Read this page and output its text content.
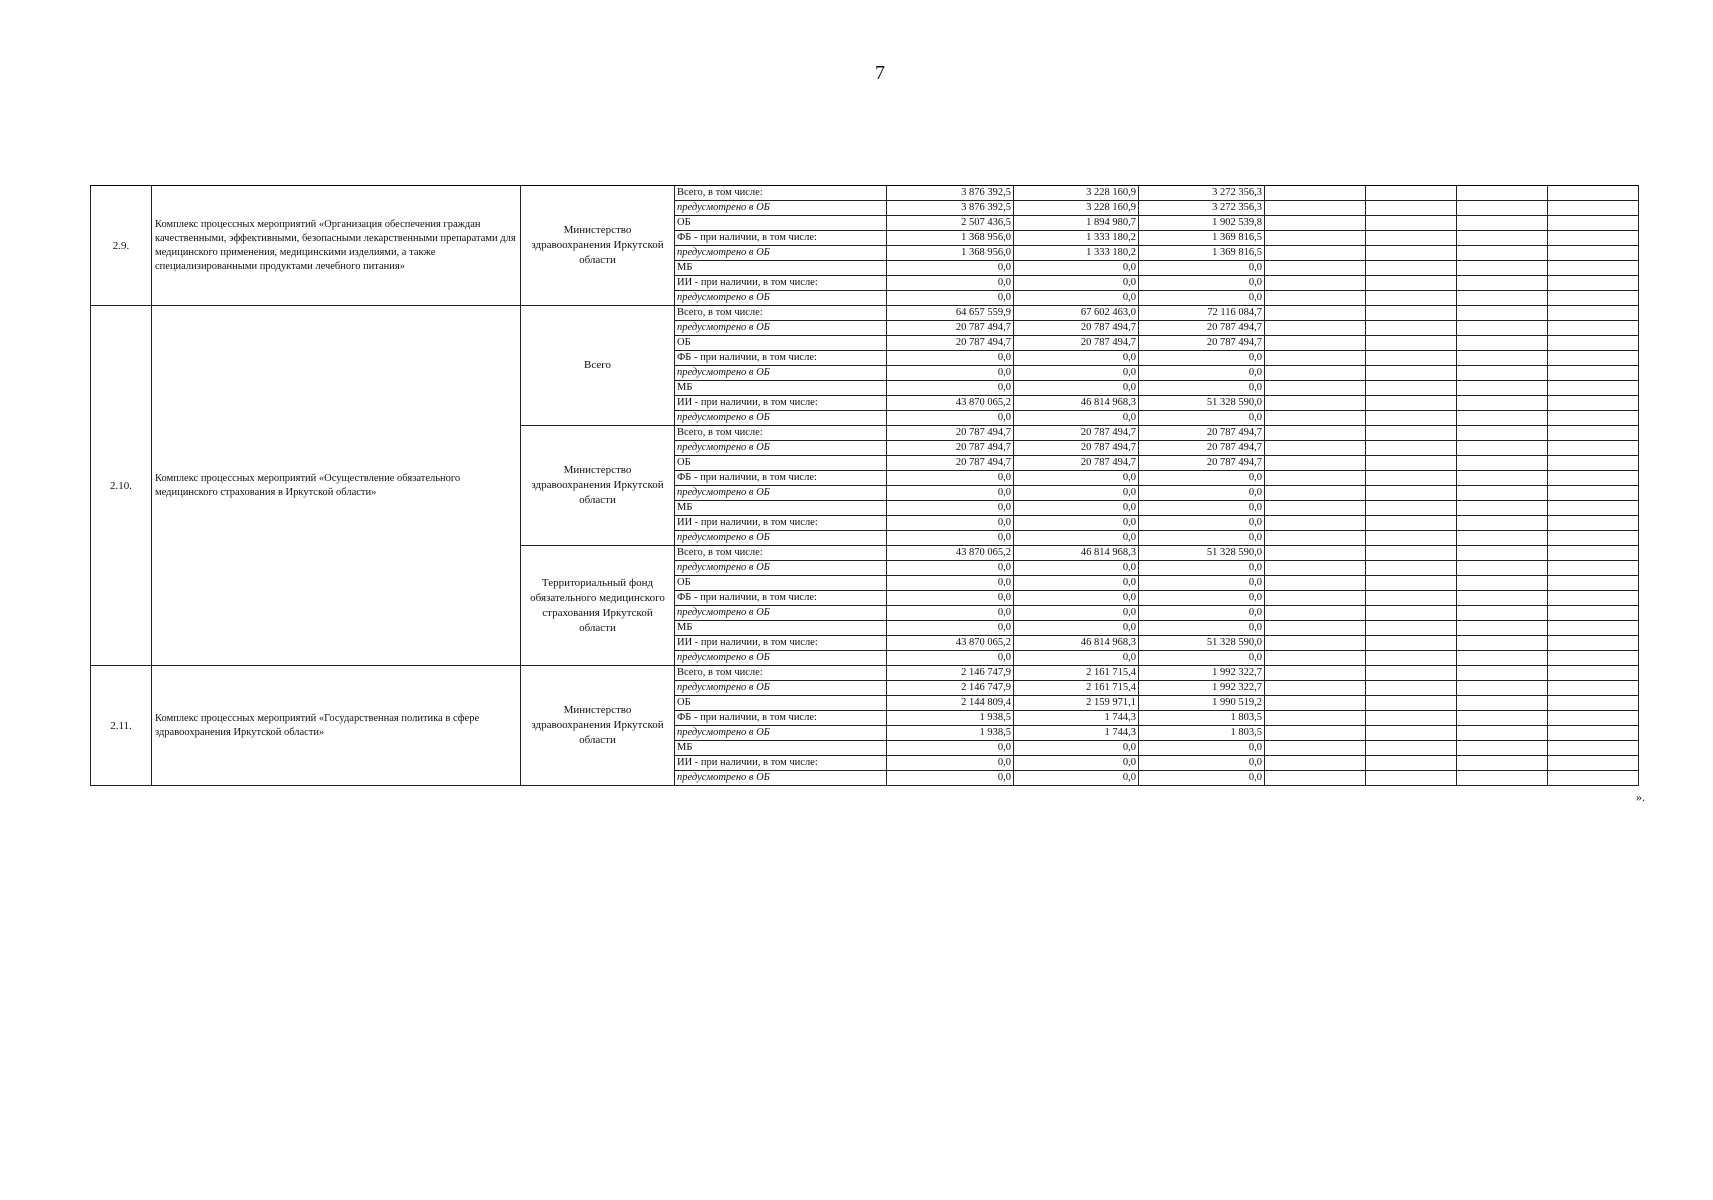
7
2.9.	Комплекс процессных мероприятий «Организация обеспечения граждан качественными, эффективными, безопасными лекарственными препаратами для медицинского применения, медицинскими изделиями, а также специализированными продуктами лечебного питания»	Министерство здравоохранения Иркутской области	Всего, в том числе:	3 876 392,5	3 228 160,9	3 272 356,3				
			предусмотрено в ОБ	3 876 392,5	3 228 160,9	3 272 356,3				
			ОБ	2 507 436,5	1 894 980,7	1 902 539,8				
			ФБ - при наличии, в том числе:	1 368 956,0	1 333 180,2	1 369 816,5				
			предусмотрено в ОБ	1 368 956,0	1 333 180,2	1 369 816,5				
			МБ	0,0	0,0	0,0				
			ИИ - при наличии, в том числе:	0,0	0,0	0,0				
			предусмотрено в ОБ	0,0	0,0	0,0				
2.10.	Комплекс процессных мероприятий «Осуществление обязательного медицинского страхования в Иркутской области»	Всего	Всего, в том числе:	64 657 559,9	67 602 463,0	72 116 084,7				
			предусмотрено в ОБ	20 787 494,7	20 787 494,7	20 787 494,7				
			ОБ	20 787 494,7	20 787 494,7	20 787 494,7				
			ФБ - при наличии, в том числе:	0,0	0,0	0,0				
			предусмотрено в ОБ	0,0	0,0	0,0				
			МБ	0,0	0,0	0,0				
			ИИ - при наличии, в том числе:	43 870 065,2	46 814 968,3	51 328 590,0				
			предусмотрено в ОБ	0,0	0,0	0,0				
		Министерство здравоохранения Иркутской области	Всего, в том числе:	20 787 494,7	20 787 494,7	20 787 494,7				
			предусмотрено в ОБ	20 787 494,7	20 787 494,7	20 787 494,7				
			ОБ	20 787 494,7	20 787 494,7	20 787 494,7				
			ФБ - при наличии, в том числе:	0,0	0,0	0,0				
			предусмотрено в ОБ	0,0	0,0	0,0				
			МБ	0,0	0,0	0,0				
			ИИ - при наличии, в том числе:	0,0	0,0	0,0				
			предусмотрено в ОБ	0,0	0,0	0,0				
		Территориальный фонд обязательного медицинского страхования Иркутской области	Всего, в том числе:	43 870 065,2	46 814 968,3	51 328 590,0				
			предусмотрено в ОБ	0,0	0,0	0,0				
			ОБ	0,0	0,0	0,0				
			ФБ - при наличии, в том числе:	0,0	0,0	0,0				
			предусмотрено в ОБ	0,0	0,0	0,0				
			МБ	0,0	0,0	0,0				
			ИИ - при наличии, в том числе:	43 870 065,2	46 814 968,3	51 328 590,0				
			предусмотрено в ОБ	0,0	0,0	0,0				
2.11.	Комплекс процессных мероприятий «Государственная политика в сфере здравоохранения Иркутской области»	Министерство здравоохранения Иркутской области	Всего, в том числе:	2 146 747,9	2 161 715,4	1 992 322,7				
			предусмотрено в ОБ	2 146 747,9	2 161 715,4	1 992 322,7				
			ОБ	2 144 809,4	2 159 971,1	1 990 519,2				
			ФБ - при наличии, в том числе:	1 938,5	1 744,3	1 803,5				
			предусмотрено в ОБ	1 938,5	1 744,3	1 803,5				
			МБ	0,0	0,0	0,0				
			ИИ - при наличии, в том числе:	0,0	0,0	0,0				
			предусмотрено в ОБ	0,0	0,0	0,0				
».
